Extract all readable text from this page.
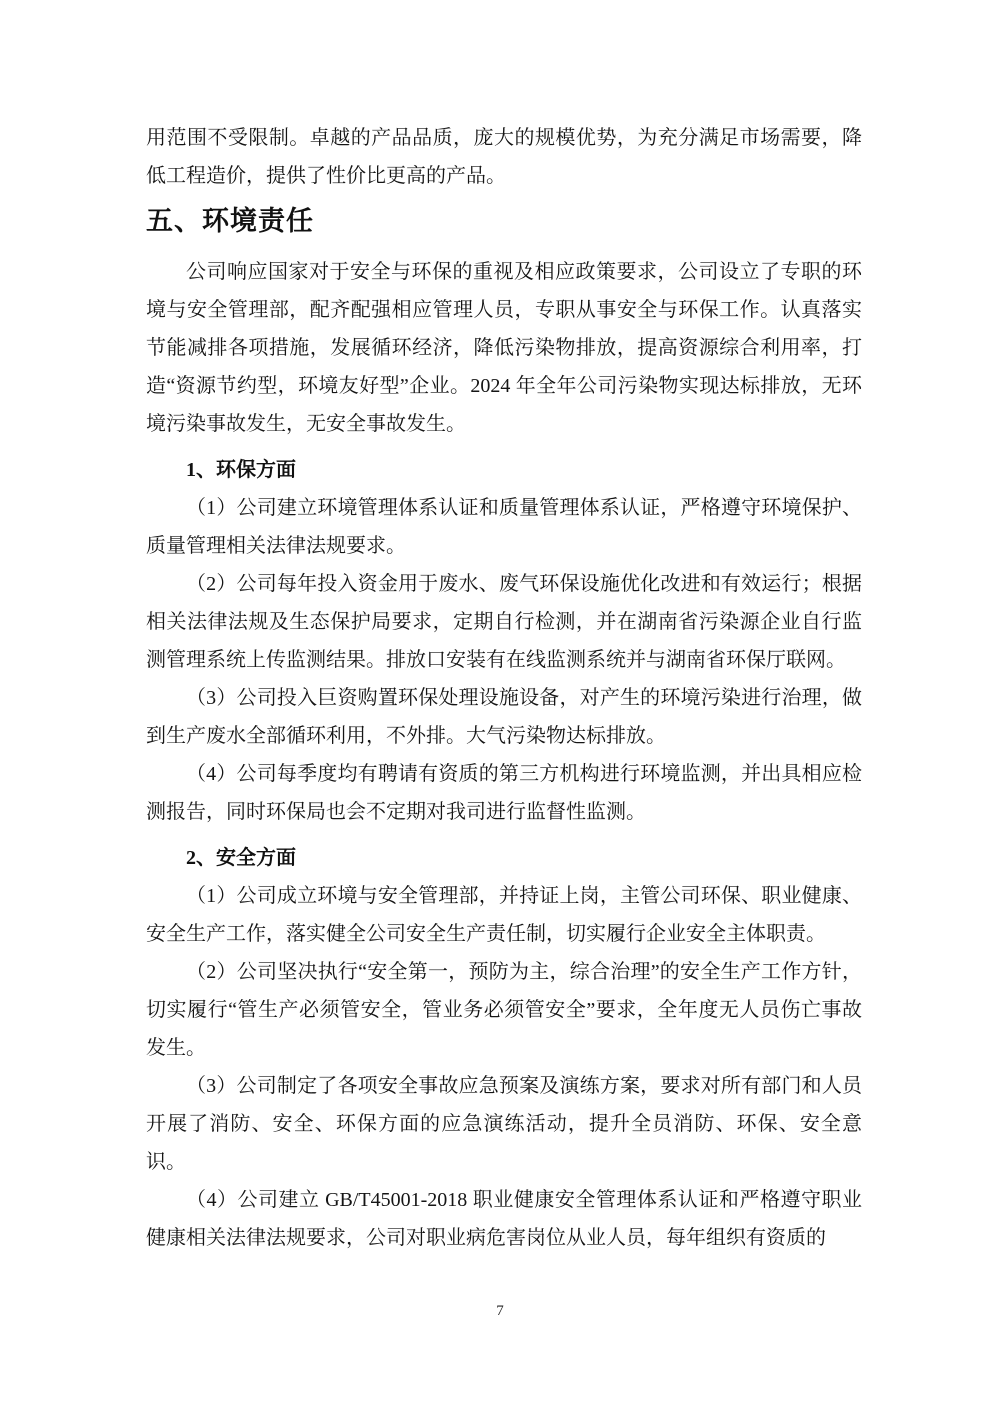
用范围不受限制。卓越的产品品质，庞大的规模优势，为充分满足市场需要，降低工程造价，提供了性价比更高的产品。

五、环境责任

公司响应国家对于安全与环保的重视及相应政策要求，公司设立了专职的环境与安全管理部，配齐配强相应管理人员，专职从事安全与环保工作。认真落实节能减排各项措施，发展循环经济，降低污染物排放，提高资源综合利用率，打造“资源节约型，环境友好型”企业。2024 年全年公司污染物实现达标排放，无环境污染事故发生，无安全事故发生。

1、环保方面

（1）公司建立环境管理体系认证和质量管理体系认证，严格遵守环境保护、质量管理相关法律法规要求。

（2）公司每年投入资金用于废水、废气环保设施优化改进和有效运行；根据相关法律法规及生态保护局要求，定期自行检测，并在湖南省污染源企业自行监测管理系统上传监测结果。排放口安装有在线监测系统并与湖南省环保厅联网。

（3）公司投入巨资购置环保处理设施设备，对产生的环境污染进行治理，做到生产废水全部循环利用，不外排。大气污染物达标排放。

（4）公司每季度均有聘请有资质的第三方机构进行环境监测，并出具相应检测报告，同时环保局也会不定期对我司进行监督性监测。

2、安全方面

（1）公司成立环境与安全管理部，并持证上岗，主管公司环保、职业健康、安全生产工作，落实健全公司安全生产责任制，切实履行企业安全主体职责。

（2）公司坚决执行“安全第一，预防为主，综合治理”的安全生产工作方针，切实履行“管生产必须管安全，管业务必须管安全”要求，全年度无人员伤亡事故发生。

（3）公司制定了各项安全事故应急预案及演练方案，要求对所有部门和人员开展了消防、安全、环保方面的应急演练活动，提升全员消防、环保、安全意识。

（4）公司建立 GB/T45001-2018 职业健康安全管理体系认证和严格遵守职业健康相关法律法规要求，公司对职业病危害岗位从业人员，每年组织有资质的

7
